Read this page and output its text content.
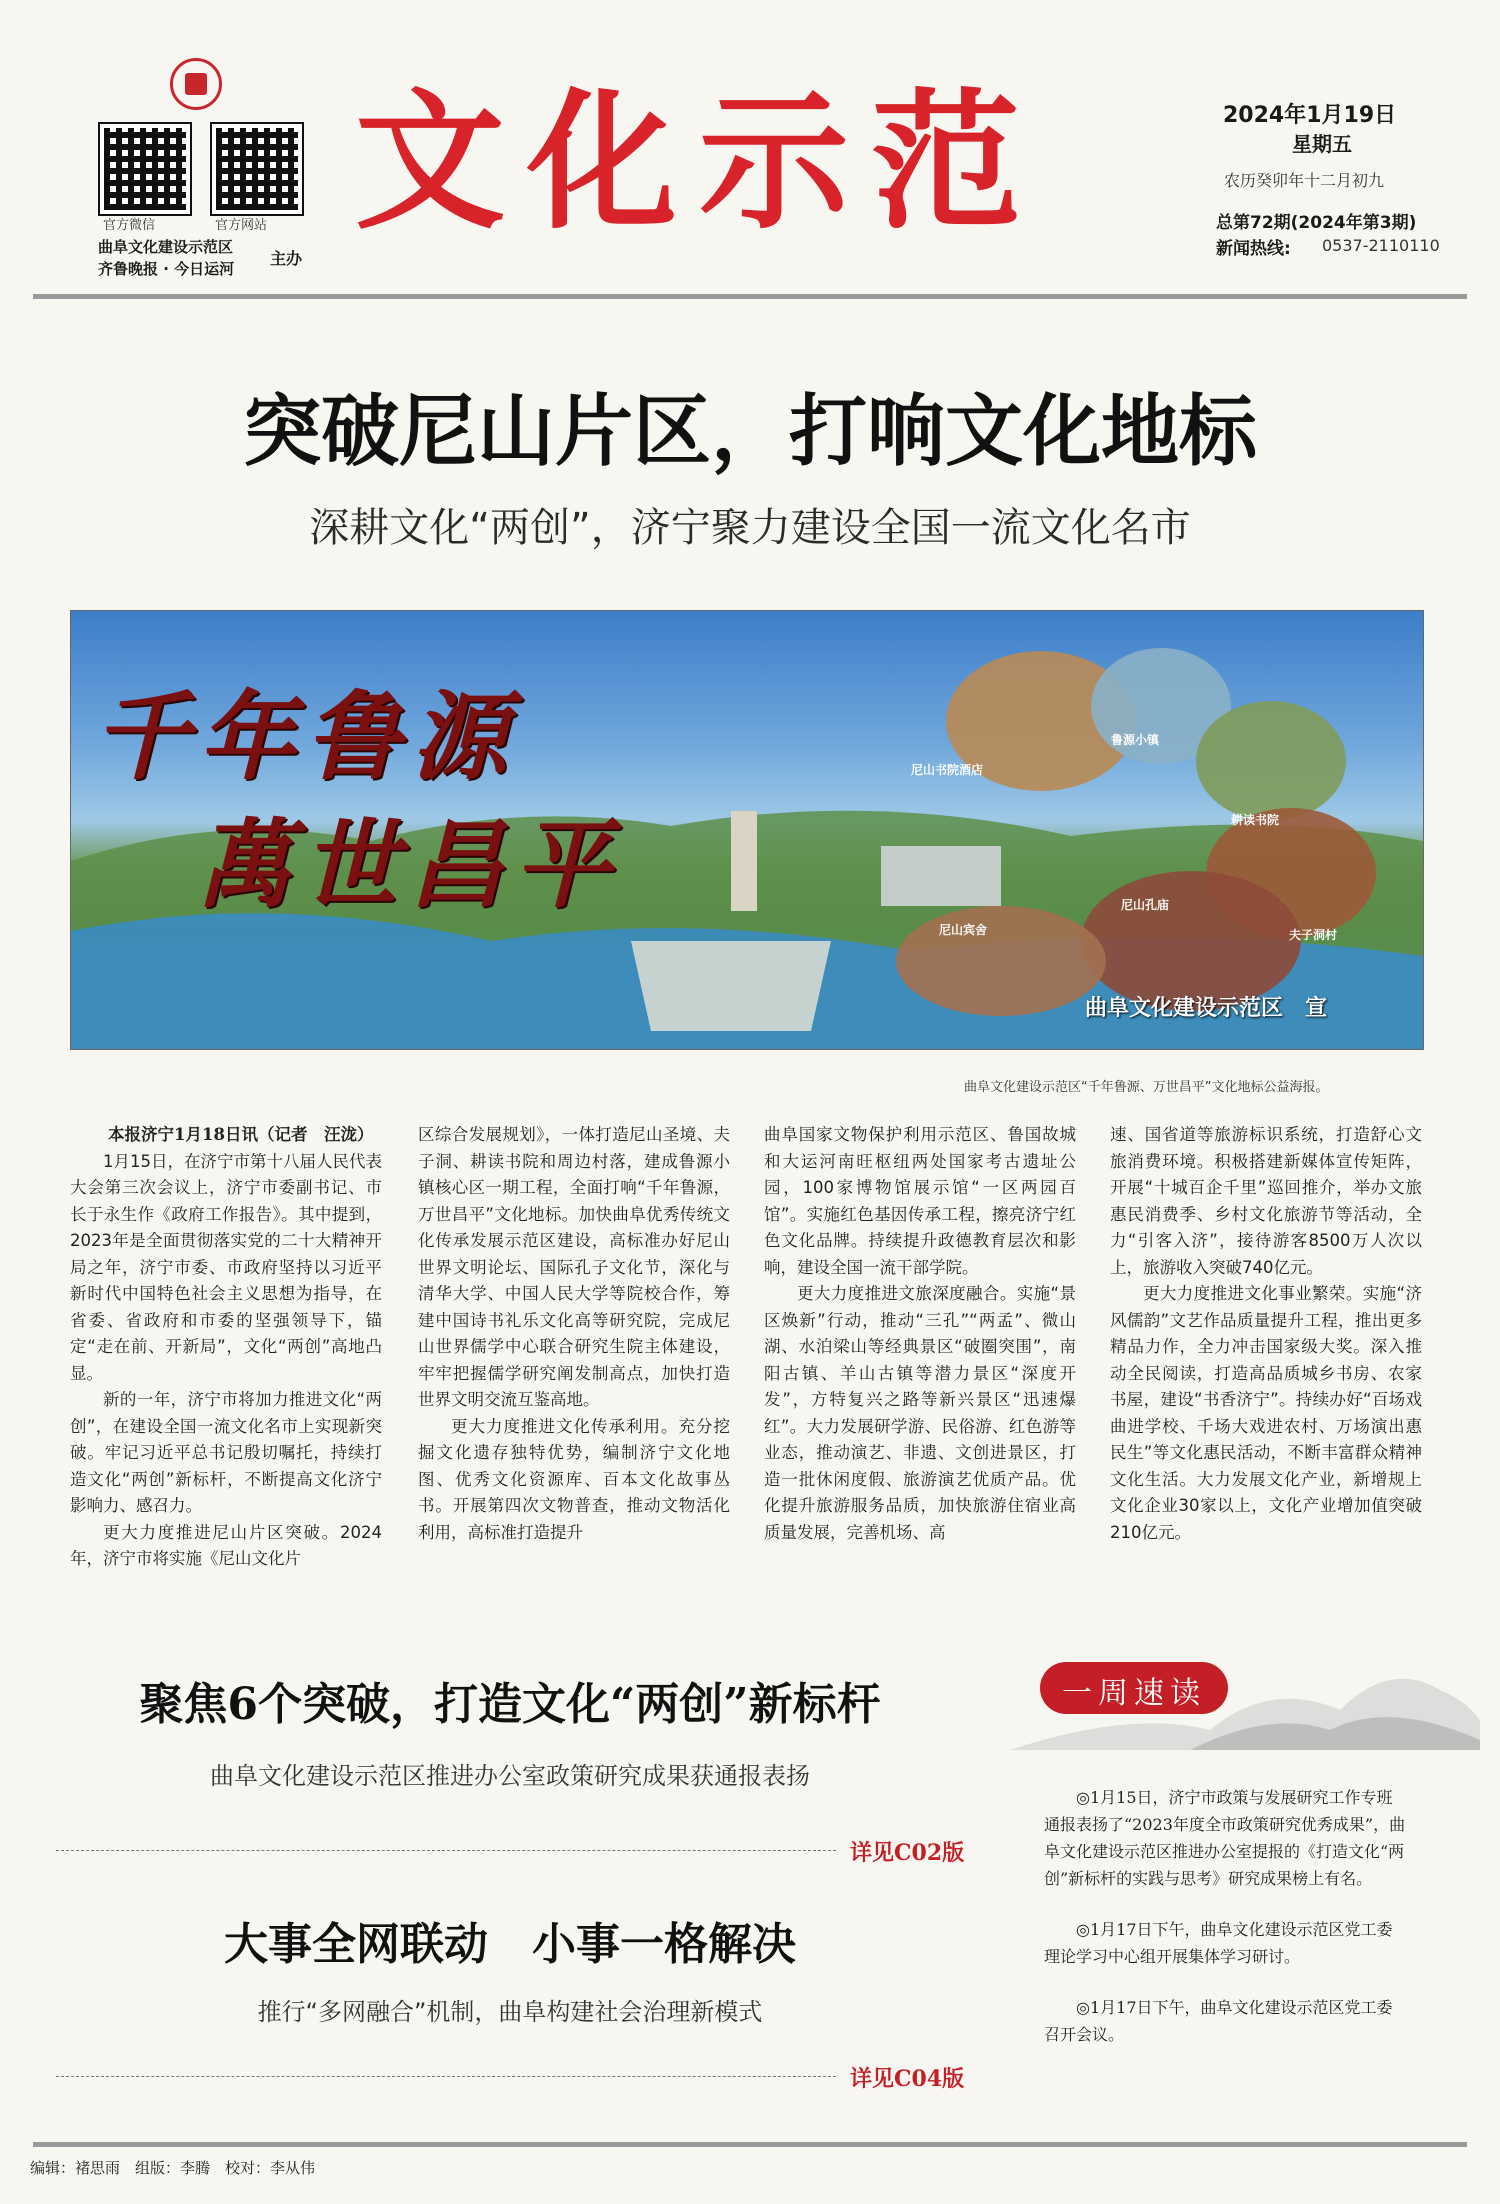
官方微信	官方网站
曲阜文化建设示范区
齐鲁晚报 · 今日运河
主办
文化示范	2024年1月19日
星期五
农历癸卯年十二月初九
总第72期(2024年第3期)
新闻热线: 0537-2110110
突破尼山片区，打响文化地标
深耕文化“两创”，济宁聚力建设全国一流文化名市
千年鲁源
萬世昌平
尼山书院酒店
鲁源小镇
耕读书院
尼山孔庙
夫子洞村
尼山宾舍
曲阜文化建设示范区　宣
曲阜文化建设示范区“千年鲁源、万世昌平”文化地标公益海报。
本报济宁1月18日讯（记者　汪泷）

1月15日，在济宁市第十八届人民代表大会第三次会议上，济宁市委副书记、市长于永生作《政府工作报告》。其中提到，2023年是全面贯彻落实党的二十大精神开局之年，济宁市委、市政府坚持以习近平新时代中国特色社会主义思想为指导，在省委、省政府和市委的坚强领导下，锚定“走在前、开新局”，文化“两创”高地凸显。

新的一年，济宁市将加力推进文化“两创”，在建设全国一流文化名市上实现新突破。牢记习近平总书记殷切嘱托，持续打造文化“两创”新标杆，不断提高文化济宁影响力、感召力。

更大力度推进尼山片区突破。2024年，济宁市将实施《尼山文化片

区综合发展规划》，一体打造尼山圣境、夫子洞、耕读书院和周边村落，建成鲁源小镇核心区一期工程，全面打响“千年鲁源，万世昌平”文化地标。加快曲阜优秀传统文化传承发展示范区建设，高标准办好尼山世界文明论坛、国际孔子文化节，深化与清华大学、中国人民大学等院校合作，筹建中国诗书礼乐文化高等研究院，完成尼山世界儒学中心联合研究生院主体建设，牢牢把握儒学研究阐发制高点，加快打造世界文明交流互鉴高地。

更大力度推进文化传承利用。充分挖掘文化遗存独特优势，编制济宁文化地图、优秀文化资源库、百本文化故事丛书。开展第四次文物普查，推动文物活化利用，高标准打造提升

曲阜国家文物保护利用示范区、鲁国故城和大运河南旺枢纽两处国家考古遗址公园，100家博物馆展示馆“一区两园百馆”。实施红色基因传承工程，擦亮济宁红色文化品牌。持续提升政德教育层次和影响，建设全国一流干部学院。

更大力度推进文旅深度融合。实施“景区焕新”行动，推动“三孔”“两孟”、微山湖、水泊梁山等经典景区“破圈突围”，南阳古镇、羊山古镇等潜力景区“深度开发”，方特复兴之路等新兴景区“迅速爆红”。大力发展研学游、民俗游、红色游等业态，推动演艺、非遗、文创进景区，打造一批休闲度假、旅游演艺优质产品。优化提升旅游服务品质，加快旅游住宿业高质量发展，完善机场、高

速、国省道等旅游标识系统，打造舒心文旅消费环境。积极搭建新媒体宣传矩阵，开展“十城百企千里”巡回推介，举办文旅惠民消费季、乡村文化旅游节等活动，全力“引客入济”，接待游客8500万人次以上，旅游收入突破740亿元。

更大力度推进文化事业繁荣。实施“济风儒韵”文艺作品质量提升工程，推出更多精品力作，全力冲击国家级大奖。深入推动全民阅读，打造高品质城乡书房、农家书屋，建设“书香济宁”。持续办好“百场戏曲进学校、千场大戏进农村、万场演出惠民生”等文化惠民活动，不断丰富群众精神文化生活。大力发展文化产业，新增规上文化企业30家以上，文化产业增加值突破210亿元。

聚焦6个突破，打造文化“两创”新标杆
曲阜文化建设示范区推进办公室政策研究成果获通报表扬
详见C02版
大事全网联动　小事一格解决
推行“多网融合”机制，曲阜构建社会治理新模式
详见C04版
一周速读

◎1月15日，济宁市政策与发展研究工作专班通报表扬了“2023年度全市政策研究优秀成果”，曲阜文化建设示范区推进办公室提报的《打造文化“两创”新标杆的实践与思考》研究成果榜上有名。

◎1月17日下午，曲阜文化建设示范区党工委理论学习中心组开展集体学习研讨。

◎1月17日下午，曲阜文化建设示范区党工委召开会议。

编辑：褚思雨　组版：李腾　校对：李从伟
